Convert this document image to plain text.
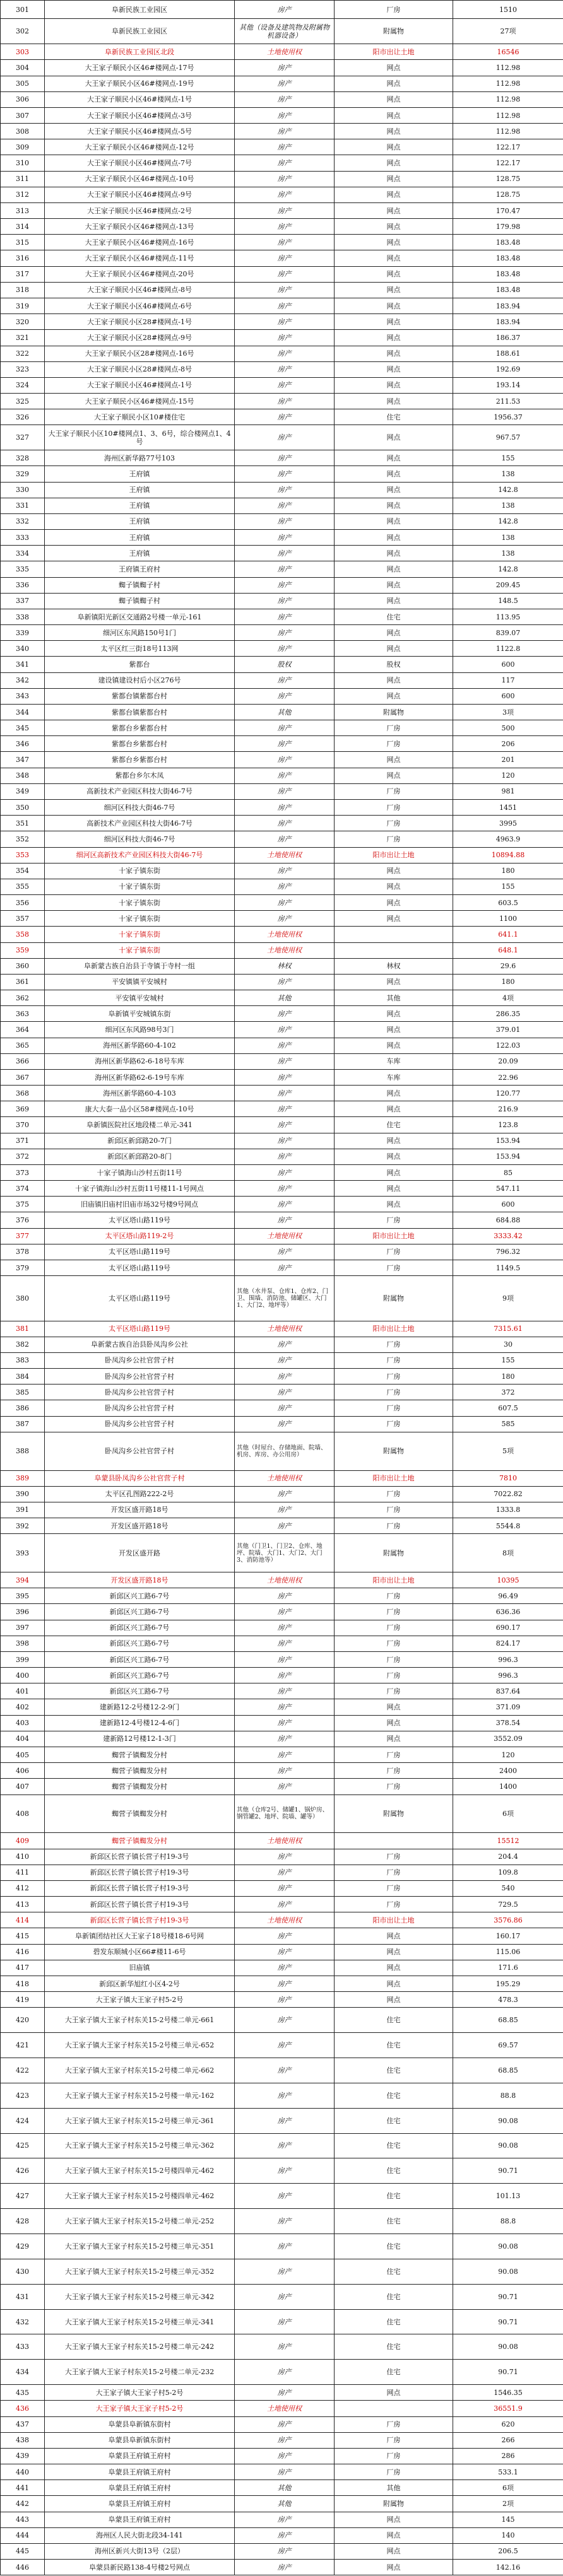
301	阜新民族工业园区	房产	厂房	1510
302	阜新民族工业园区	其他（设备及建筑物及附属物机器设备）	附属物	27项
303	阜新民族工业园区北段	土地使用权	阳市出让土地	16546
304	大王家子顺民小区46#楼网点-17号	房产	网点	112.98
305	大王家子顺民小区46#楼网点-19号	房产	网点	112.98
306	大王家子顺民小区46#楼网点-1号	房产	网点	112.98
307	大王家子顺民小区46#楼网点-3号	房产	网点	112.98
308	大王家子顺民小区46#楼网点-5号	房产	网点	112.98
309	大王家子顺民小区46#楼网点-12号	房产	网点	122.17
310	大王家子顺民小区46#楼网点-7号	房产	网点	122.17
311	大王家子顺民小区46#楼网点-10号	房产	网点	128.75
312	大王家子顺民小区46#楼网点-9号	房产	网点	128.75
313	大王家子顺民小区46#楼网点-2号	房产	网点	170.47
314	大王家子顺民小区46#楼网点-13号	房产	网点	179.98
315	大王家子顺民小区46#楼网点-16号	房产	网点	183.48
316	大王家子顺民小区46#楼网点-11号	房产	网点	183.48
317	大王家子顺民小区46#楼网点-20号	房产	网点	183.48
318	大王家子顺民小区46#楼网点-8号	房产	网点	183.48
319	大王家子顺民小区46#楼网点-6号	房产	网点	183.94
320	大王家子顺民小区28#楼网点-1号	房产	网点	183.94
321	大王家子顺民小区28#楼网点-9号	房产	网点	186.37
322	大王家子顺民小区28#楼网点-16号	房产	网点	188.61
323	大王家子顺民小区28#楼网点-8号	房产	网点	192.69
324	大王家子顺民小区46#楼网点-1号	房产	网点	193.14
325	大王家子顺民小区46#楼网点-15号	房产	网点	211.53
326	大王家子顺民小区10#楼住宅	房产	住宅	1956.37
327	大王家子顺民小区10#楼网点1、3、6号，综合楼网点1、4号	房产	网点	967.57
328	海州区新华路77号103	房产	网点	155
329	王府镇	房产	网点	138
330	王府镇	房产	网点	142.8
331	王府镇	房产	网点	138
332	王府镇	房产	网点	142.8
333	王府镇	房产	网点	138
334	王府镇	房产	网点	138
335	王府镇王府村	房产	网点	142.8
336	蜘子镇蜘子村	房产	网点	209.45
337	蜘子镇蜘子村	房产	网点	148.5
338	阜新镇阳光新区交通路2号楼一单元-161	房产	住宅	113.95
339	细河区东风路150号1门	房产	网点	839.07
340	太平区红三街18号113网	房产	网点	1122.8
341	紫都台	股权	股权	600
342	建设镇建设村后小区276号	房产	网点	117
343	紫都台镇紫都台村	房产	网点	600
344	紫都台镇紫都台村	其他	附属物	3项
345	紫都台乡紫都台村	房产	厂房	500
346	紫都台乡紫都台村	房产	厂房	206
347	紫都台乡紫都台村	房产	网点	201
348	紫都台乡尔木凤	房产	网点	120
349	高新技术产业园区科技大街46-7号	房产	厂房	981
350	细河区科技大街46-7号	房产	厂房	1451
351	高新技术产业园区科技大街46-7号	房产	厂房	3995
352	细河区科技大街46-7号	房产	厂房	4963.9
353	细河区高新技术产业园区科技大街46-7号	土地使用权	阳市出让土地	10894.88
354	十家子镇东街	房产	网点	180
355	十家子镇东街	房产	网点	155
356	十家子镇东街	房产	网点	603.5
357	十家子镇东街	房产	网点	1100
358	十家子镇东街	土地使用权		641.1
359	十家子镇东街	土地使用权		648.1
360	阜新蒙古族自治县于寺镇于寺村一组	林权	林权	29.6
361	平安镇镇平安城村	房产	网点	180
362	平安镇平安城村	其他	其他	4项
363	阜新镇平安城镇东街	房产	网点	286.35
364	细河区东风路98号3门	房产	网点	379.01
365	海州区新华路60-4-102	房产	网点	122.03
366	海州区新华路62-6-18号车库	房产	车库	20.09
367	海州区新华路62-6-19号车库	房产	车库	22.96
368	海州区新华路60-4-103	房产	网点	120.77
369	康大大泰一品小区58#楼网点-10号	房产	网点	216.9
370	阜新镇医院社区地段楼二单元-341	房产	住宅	123.8
371	新邱区新邱路20-7门	房产	网点	153.94
372	新邱区新邱路20-8门	房产	网点	153.94
373	十家子镇海山沙村五街11号	房产	网点	85
374	十家子镇海山沙村五街11号楼11-1号网点	房产	网点	547.11
375	旧庙镇旧庙村旧庙市场32号楼9号网点	房产	网点	600
376	太平区塔山路119号	房产	厂房	684.88
377	太平区塔山路119-2号	土地使用权	阳市出让土地	3333.42
378	太平区塔山路119号	房产	厂房	796.32
379	太平区塔山路119号	房产	厂房	1149.5
380	太平区塔山路119号	其他（水井泵、仓库1、仓库2、门卫、围墙、消防池、储罐区、大门1、大门2、地坪等）	附属物	9项
381	太平区塔山路119号	土地使用权	阳市出让土地	7315.61
382	阜新蒙古族自治县卧凤沟乡公社	房产	厂房	30
383	卧凤沟乡公社官营子村	房产	厂房	155
384	卧凤沟乡公社官营子村	房产	厂房	180
385	卧凤沟乡公社官营子村	房产	厂房	372
386	卧凤沟乡公社官营子村	房产	厂房	607.5
387	卧凤沟乡公社官营子村	房产	厂房	585
388	卧凤沟乡公社官营子村	其他（时屋台、存储地面、院墙、机房、库房、办公用房）	附属物	5项
389	阜蒙县卧凤沟乡公社官营子村	土地使用权	阳市出让土地	7810
390	太平区孔图路222-2号	房产	厂房	7022.82
391	开发区盛开路18号	房产	厂房	1333.8
392	开发区盛开路18号	房产	厂房	5544.8
393	开发区盛开路	其他（门卫1、门卫2、仓库、地坪、院墙、大门1、大门2、大门3、消防池等）	附属物	8项
394	开发区盛开路18号	土地使用权	阳市出让土地	10395
395	新邱区兴工路6-7号	房产	厂房	96.49
396	新邱区兴工路6-7号	房产	厂房	636.36
397	新邱区兴工路6-7号	房产	厂房	690.17
398	新邱区兴工路6-7号	房产	厂房	824.17
399	新邱区兴工路6-7号	房产	厂房	996.3
400	新邱区兴工路6-7号	房产	厂房	996.3
401	新邱区兴工路6-7号	房产	厂房	837.64
402	建新路12-2号楼12-2-9门	房产	网点	371.09
403	建新路12-4号楼12-4-6门	房产	网点	378.54
404	建新路12号楼12-1-3门	房产	网点	3552.09
405	蜘营子镇蜘发分村	房产	厂房	120
406	蜘营子镇蜘发分村	房产	厂房	2400
407	蜘营子镇蜘发分村	房产	厂房	1400
408	蜘营子镇蜘发分村	其他（仓库2号、储罐1、锅炉房、钢管罐2、地坪、院墙、罐等）	附属物	6项
409	蜘营子镇蜘发分村	土地使用权		15512
410	新邱区长营子镇长营子村19-3号	房产	厂房	204.4
411	新邱区长营子镇长营子村19-3号	房产	厂房	109.8
412	新邱区长营子镇长营子村19-3号	房产	厂房	540
413	新邱区长营子镇长营子村19-3号	房产	厂房	729.5
414	新邱区长营子镇长营子村19-3号	土地使用权	阳市出让土地	3576.86
415	阜新镇团结社区大王家子18号楼18-6号网	房产	网点	160.17
416	碧发东顺城小区66#楼11-6号	房产	网点	115.06
417	旧庙镇	房产	网点	171.6
418	新邱区新华旭红小区4-2号	房产	网点	195.29
419	大王家子镇大王家子村5-2号	房产	网点	478.3
420	大王家子镇大王家子村东关15-2号楼二单元-661	房产	住宅	68.85
421	大王家子镇大王家子村东关15-2号楼三单元-652	房产	住宅	69.57
422	大王家子镇大王家子村东关15-2号楼二单元-662	房产	住宅	68.85
423	大王家子镇大王家子村东关15-2号楼一单元-162	房产	住宅	88.8
424	大王家子镇大王家子村东关15-2号楼三单元-361	房产	住宅	90.08
425	大王家子镇大王家子村东关15-2号楼三单元-362	房产	住宅	90.08
426	大王家子镇大王家子村东关15-2号楼四单元-462	房产	住宅	90.71
427	大王家子镇大王家子村东关15-2号楼四单元-462	房产	住宅	101.13
428	大王家子镇大王家子村东关15-2号楼二单元-252	房产	住宅	88.8
429	大王家子镇大王家子村东关15-2号楼三单元-351	房产	住宅	90.08
430	大王家子镇大王家子村东关15-2号楼三单元-352	房产	住宅	90.08
431	大王家子镇大王家子村东关15-2号楼三单元-342	房产	住宅	90.71
432	大王家子镇大王家子村东关15-2号楼三单元-341	房产	住宅	90.71
433	大王家子镇大王家子村东关15-2号楼二单元-242	房产	住宅	90.08
434	大王家子镇大王家子村东关15-2号楼二单元-232	房产	住宅	90.71
435	大王家子镇大王家子村5-2号	房产	网点	1546.35
436	大王家子镇大王家子村5-2号	土地使用权		36551.9
437	阜蒙县阜新镇东街村	房产	厂房	620
438	阜蒙县阜新镇东街村	房产	厂房	266
439	阜蒙县王府镇王府村	房产	厂房	286
440	阜蒙县王府镇王府村	房产	厂房	533.1
441	阜蒙县王府镇王府村	其他	其他	6项
442	阜蒙县王府镇王府村	其他	附属物	2项
443	阜蒙县王府镇王府村	房产	网点	145
444	海州区人民大街北段34-141	房产	网点	140
445	海州区新兴大街13号（2层）	房产	网点	206.5
446	阜蒙县新民路138-4号楼2号网点	房产	网点	142.16
